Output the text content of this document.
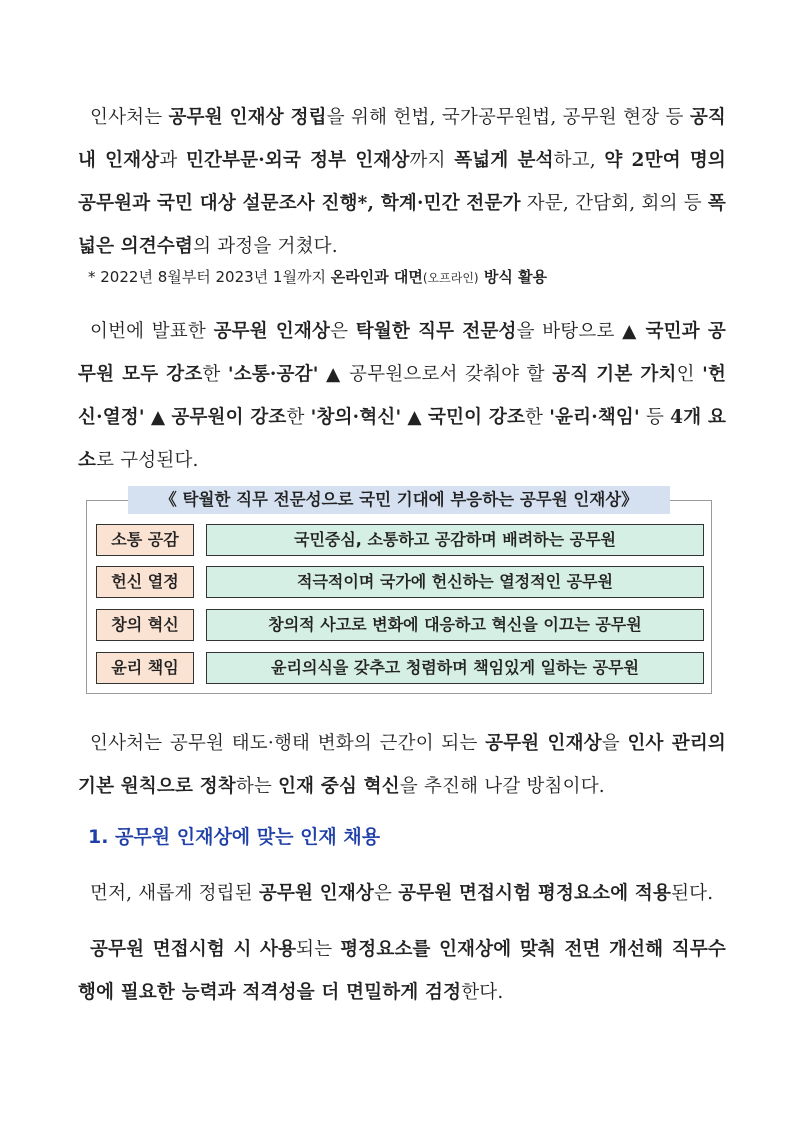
인사처는 공무원 인재상 정립을 위해 헌법, 국가공무원법, 공무원 현장 등 공직 내 인재상과 민간부문·외국 정부 인재상까지 폭넓게 분석하고, 약 2만여 명의 공무원과 국민 대상 설문조사 진행*, 학계·민간 전문가 자문, 간담회, 회의 등 폭넓은 의견수렴의 과정을 거쳤다.
* 2022년 8월부터 2023년 1월까지 온라인과 대면(오프라인) 방식 활용
이번에 발표한 공무원 인재상은 탁월한 직무 전문성을 바탕으로 ▲ 국민과 공무원 모두 강조한 '소통·공감' ▲ 공무원으로서 갖춰야 할 공직 기본 가치인 '헌신·열정' ▲ 공무원이 강조한 '창의·혁신' ▲ 국민이 강조한 '윤리·책임' 등 4개 요소로 구성된다.
《 탁월한 직무 전문성으로 국민 기대에 부응하는 공무원 인재상》
소통 공감	국민중심, 소통하고 공감하며 배려하는 공무원
헌신 열정	적극적이며 국가에 헌신하는 열정적인 공무원
창의 혁신	창의적 사고로 변화에 대응하고 혁신을 이끄는 공무원
윤리 책임	윤리의식을 갖추고 청렴하며 책임있게 일하는 공무원
인사처는 공무원 태도·행태 변화의 근간이 되는 공무원 인재상을 인사 관리의 기본 원칙으로 정착하는 인재 중심 혁신을 추진해 나갈 방침이다.
1. 공무원 인재상에 맞는 인재 채용
먼저, 새롭게 정립된 공무원 인재상은 공무원 면접시험 평정요소에 적용된다.
공무원 면접시험 시 사용되는 평정요소를 인재상에 맞춰 전면 개선해 직무수행에 필요한 능력과 적격성을 더 면밀하게 검정한다.
